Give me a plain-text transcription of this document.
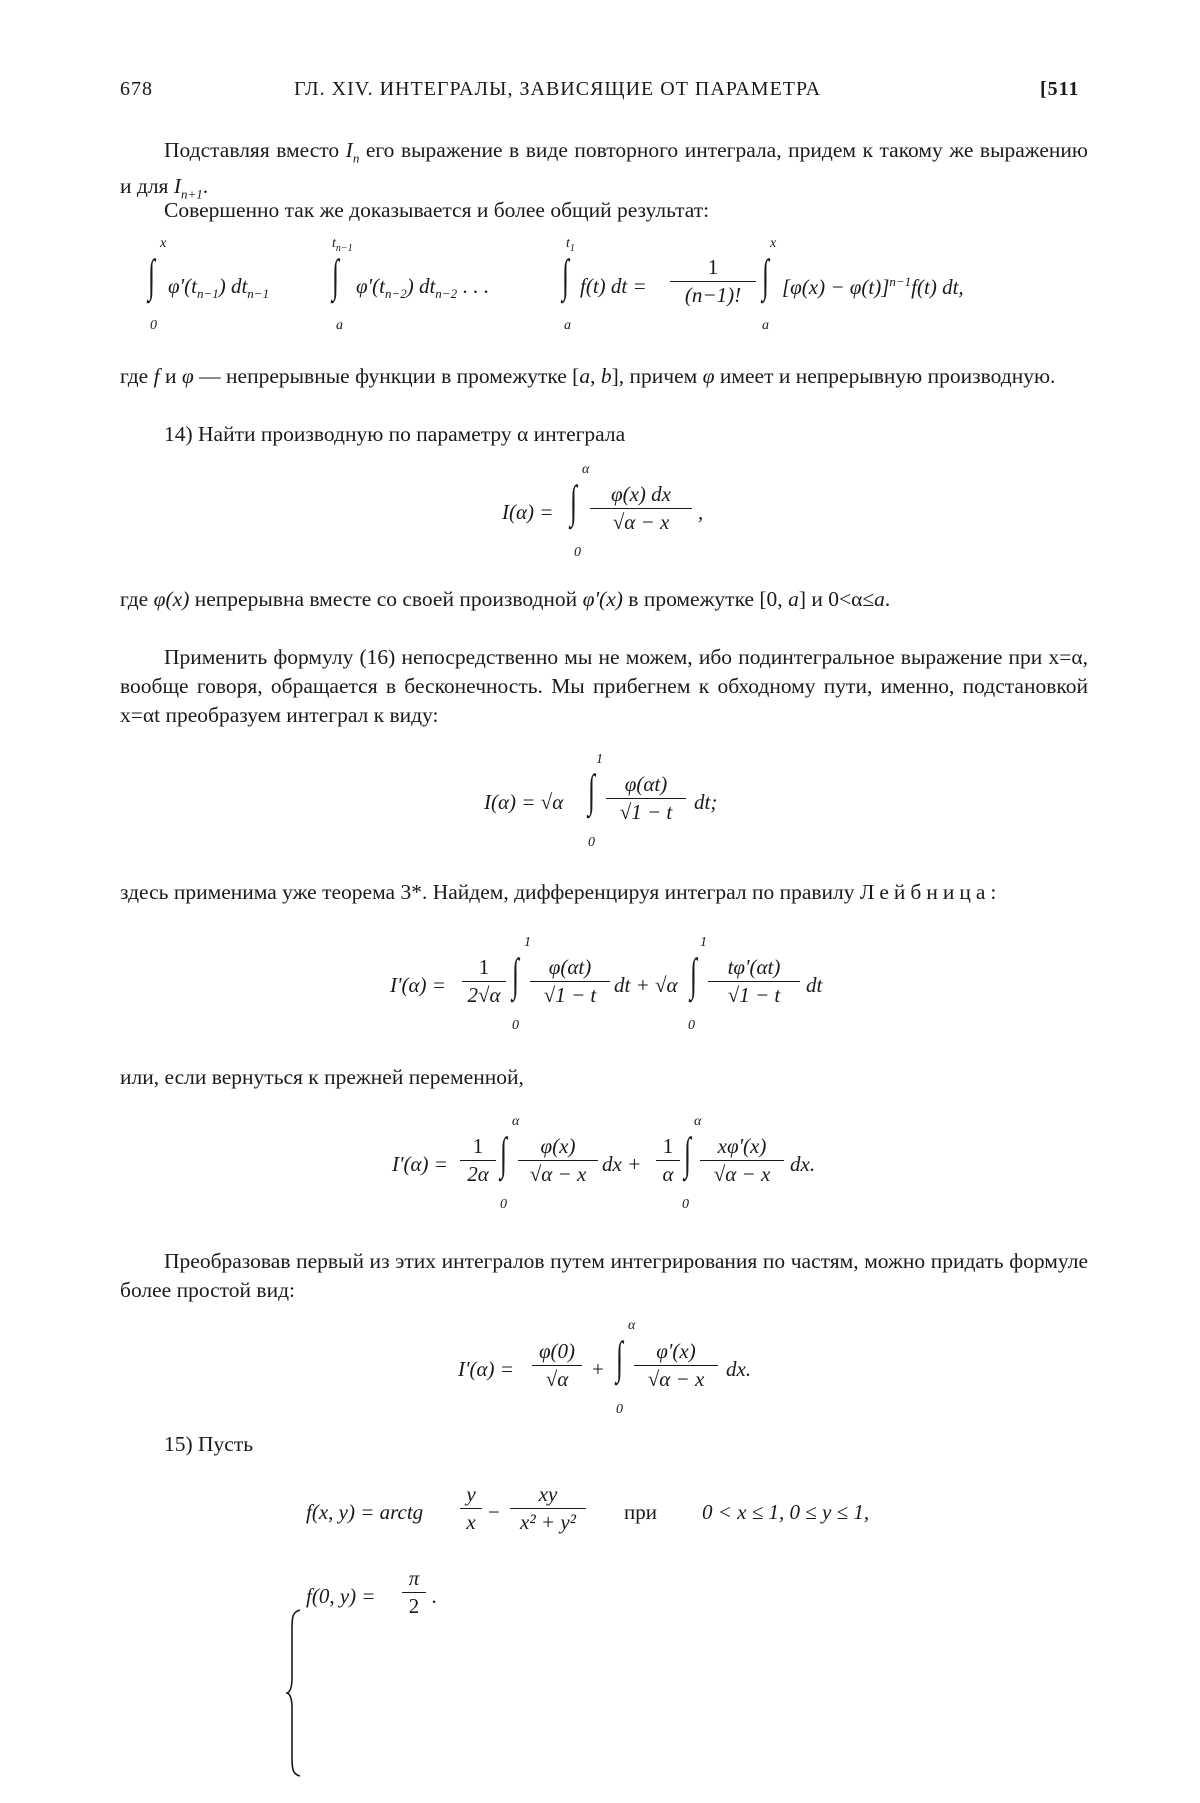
678	ГЛ. XIV. ИНТЕГРАЛЫ, ЗАВИСЯЩИЕ ОТ ПАРАМЕТРА	[511
Подставляя вместо $I_n$ его выражение в виде повторного интеграла, придем к такому же выражению и для $I_{n+1}$.
Совершенно так же доказывается и более общий результат:
x
∫
0
$\varphi'(t_{n-1})$ $dt_{n-1}$
$t_{n-1}$
∫
a
$\varphi'(t_{n-2})$ $dt_{n-2}$ . . .
$t_1$
∫
a
f(t) dt = $\frac{1}{(n-1)!}$
x
∫
a
$[\varphi(x) - \varphi(t)]^{n-1}f(t)$ dt,
где f и φ — непрерывные функции в промежутке [a, b], причем φ имеет и непрерывную производную.
14) Найти производную по параметру α интеграла
I(α) =
α
∫
0
$\frac{\varphi(x) dx}{√\alpha - x}$ ,
где φ(x) непрерывна вместе со своей производной φ'(x) в промежутке [0, a] и 0<α≤a.
Применить формулу (16) непосредственно мы не можем, ибо подинтегральное выражение при x=α, вообще говоря, обращается в бесконечность. Мы прибегнем к обходному пути, именно, подстановкой x=αt преобразуем интеграл к виду:
I(α) = √α
1
∫
0
$\frac{\varphi(\alpha t)}{√1 - t}$ dt;
здесь применима уже теорема 3*. Найдем, дифференцируя интеграл по правилу Лейбница:
$I'(\alpha) = \frac{1}{2√\alpha}$
1
∫
0
$\frac{\varphi(\alpha t)}{√1 - t}$ dt + √α
1
∫
0
$\frac{t\varphi'(\alpha t)}{√1 - t}$ dt
или, если вернуться к прежней переменной,
$I'(\alpha) = \frac{1}{2\alpha}$
α
∫
0
$\frac{\varphi(x)}{√\alpha - x}$ dx + $\frac{1}{\alpha}$
α
∫
0
$\frac{x\varphi'(x)}{√\alpha - x}$ dx.
Преобразовав первый из этих интегралов путем интегрирования по частям, можно придать формуле более простой вид:
$I'(\alpha) = \frac{\varphi(0)}{√\alpha}$ +
α
∫
0
$\frac{\varphi'(x)}{√\alpha - x}$ dx.
15) Пусть
f(x, y) = arctg $\frac{y}{x} - \frac{xy}{\text{x² + y²}}$ при 0 < x ≤ 1, 0 ≤ y ≤ 1,
f(0, $y) = \frac{\pi}{2}$ .
